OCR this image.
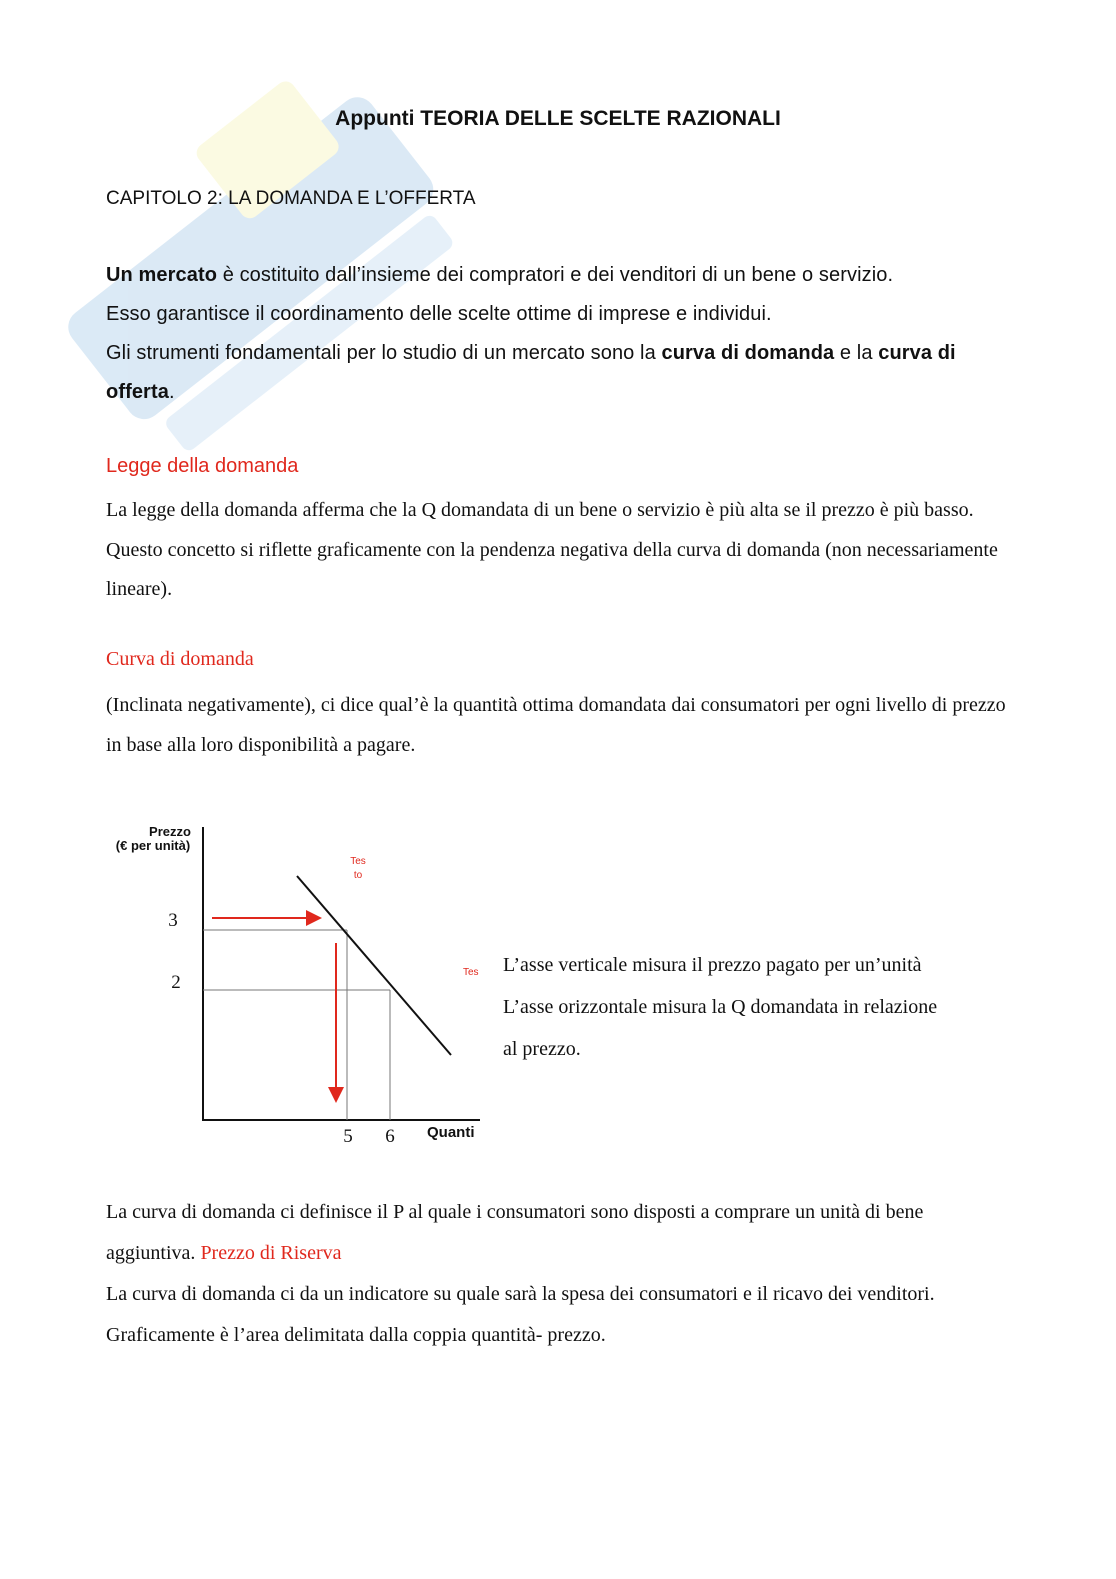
Appunti TEORIA DELLE SCELTE RAZIONALI
CAPITOLO 2: LA DOMANDA E L’OFFERTA

Un mercato è costituito dall’insieme dei compratori e dei venditori di un bene o servizio.

Esso garantisce il coordinamento delle scelte ottime di imprese e individui.

Gli strumenti fondamentali per lo studio di un mercato sono la curva di domanda e la curva di offerta.

Legge della domanda
La legge della domanda afferma che la Q domandata di un bene o servizio è più alta se il prezzo è più basso. Questo concetto si riflette graficamente con la pendenza negativa della curva di domanda (non necessariamente lineare).
Curva di domanda
(Inclinata negativamente), ci dice qual’è la quantità ottima domandata dai consumatori per ogni livello di prezzo in base alla loro disponibilità a pagare.
Prezzo
(€ per unità)
3
2
5 6 Quanti
Tes
to
Tes L’asse verticale misura il prezzo pagato per un’unità

L’asse orizzontale misura la Q domandata in relazione

al prezzo.

La curva di domanda ci definisce il P al quale i consumatori sono disposti a comprare un unità di bene aggiuntiva. Prezzo di Riserva

La curva di domanda ci da un indicatore su quale sarà la spesa dei consumatori e il ricavo dei venditori. Graficamente è l’area delimitata dalla coppia quantità- prezzo.
